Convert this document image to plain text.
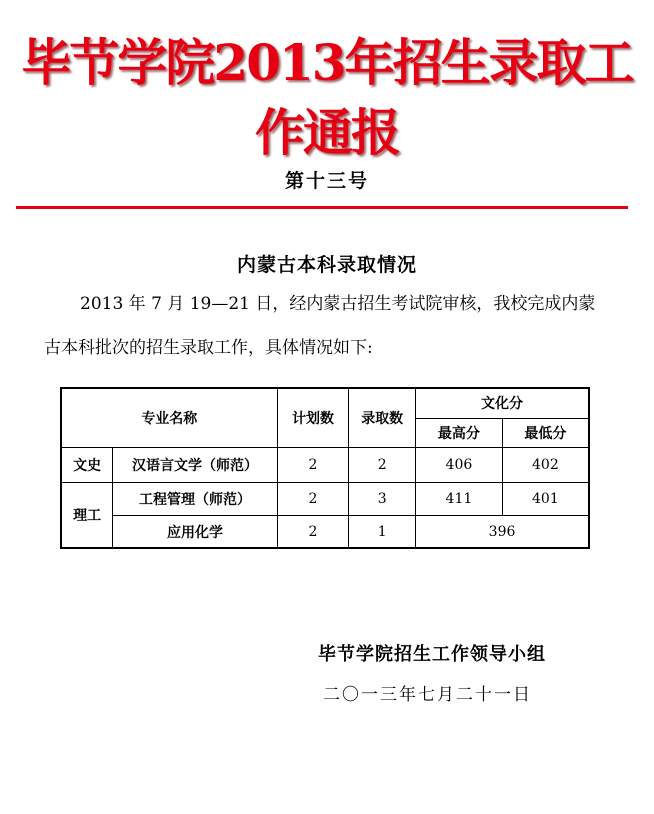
毕节学院2013年招生录取工作通报
第十三号
内蒙古本科录取情况
2013 年 7 月 19—21 日，经内蒙古招生考试院审核，我校完成内蒙
古本科批次的招生录取工作，具体情况如下:
专业名称		计划数	录取数	文化分	
				最高分	最低分
文史	汉语言文学（师范）	2	2	406	402
理工	工程管理（师范）	2	3	411	401
	应用化学	2	1	396	
毕节学院招生工作领导小组
二〇一三年七月二十一日
